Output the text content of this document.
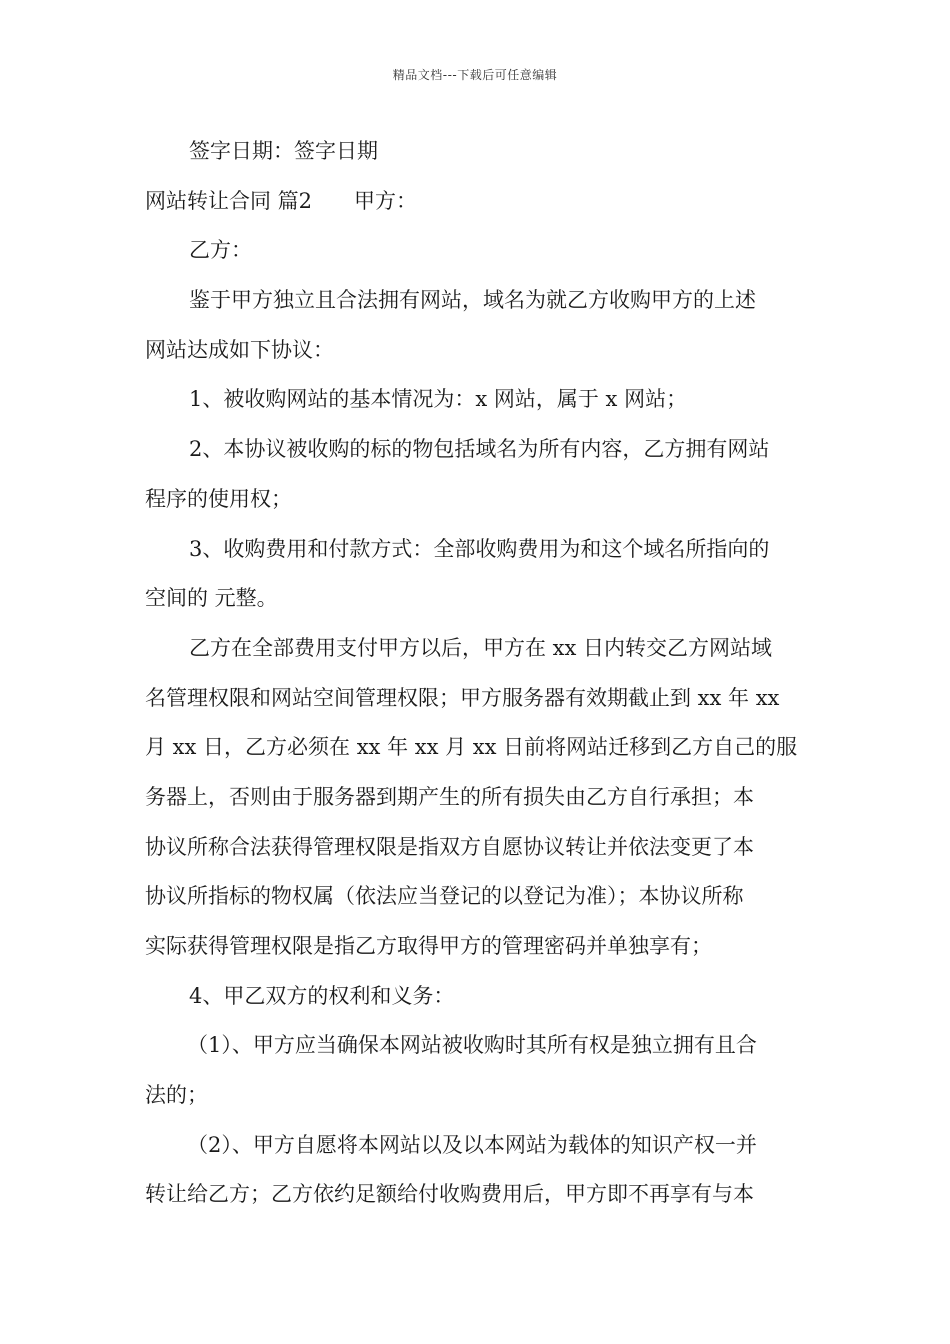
精品文档---下载后可任意编辑
签字日期：签字日期
网站转让合同 篇2 甲方：
乙方：
鉴于甲方独立且合法拥有网站，域名为就乙方收购甲方的上述
网站达成如下协议：
1、被收购网站的基本情况为：x 网站，属于 x 网站；
2、本协议被收购的标的物包括域名为所有内容，乙方拥有网站
程序的使用权；
3、收购费用和付款方式：全部收购费用为和这个域名所指向的
空间的 元整。
乙方在全部费用支付甲方以后，甲方在 xx 日内转交乙方网站域
名管理权限和网站空间管理权限；甲方服务器有效期截止到 xx 年 xx
月 xx 日，乙方必须在 xx 年 xx 月 xx 日前将网站迁移到乙方自己的服
务器上，否则由于服务器到期产生的所有损失由乙方自行承担；本
协议所称合法获得管理权限是指双方自愿协议转让并依法变更了本
协议所指标的物权属（依法应当登记的以登记为准）；本协议所称
实际获得管理权限是指乙方取得甲方的管理密码并单独享有；
4、甲乙双方的权利和义务：
（1）、甲方应当确保本网站被收购时其所有权是独立拥有且合
法的；
（2）、甲方自愿将本网站以及以本网站为载体的知识产权一并
转让给乙方；乙方依约足额给付收购费用后，甲方即不再享有与本
